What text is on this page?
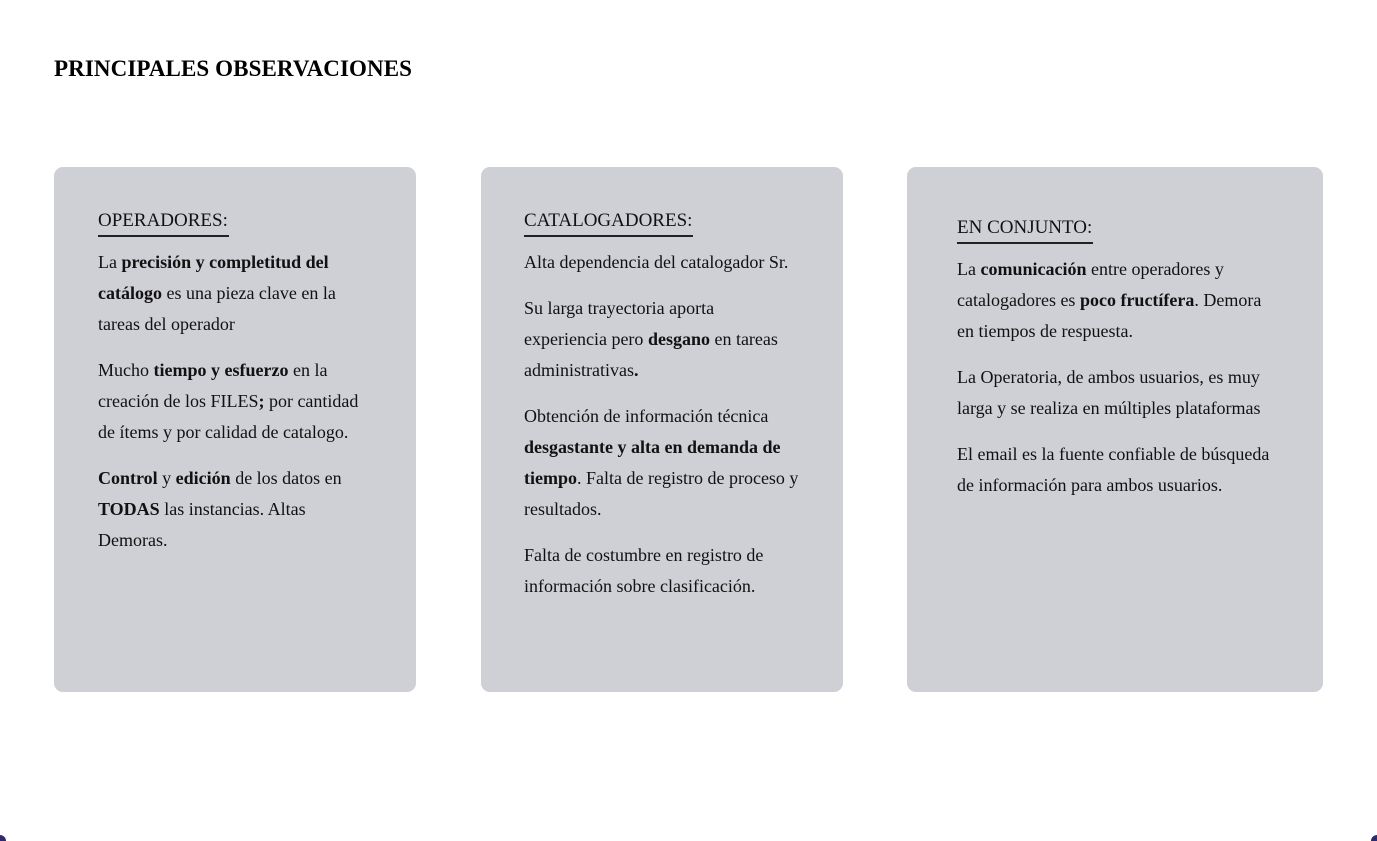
PRINCIPALES OBSERVACIONES
OPERADORES:

La precisión y completitud del catálogo es una pieza clave en la tareas del operador

Mucho tiempo y esfuerzo en la creación de los FILES; por cantidad de ítems y por calidad de catalogo.

Control y edición de los datos en TODAS las instancias. Altas Demoras.

CATALOGADORES:

Alta dependencia del catalogador Sr.

Su larga trayectoria aporta experiencia pero desgano en tareas administrativas.

Obtención de información técnica desgastante y alta en demanda de tiempo. Falta de registro de proceso y resultados.

Falta de costumbre en registro de información sobre clasificación.

EN CONJUNTO:

La comunicación entre operadores y catalogadores es poco fructífera. Demora en tiempos de respuesta.

La Operatoria, de ambos usuarios, es muy larga y se realiza en múltiples plataformas

El email es la fuente confiable de búsqueda de información para ambos usuarios.
